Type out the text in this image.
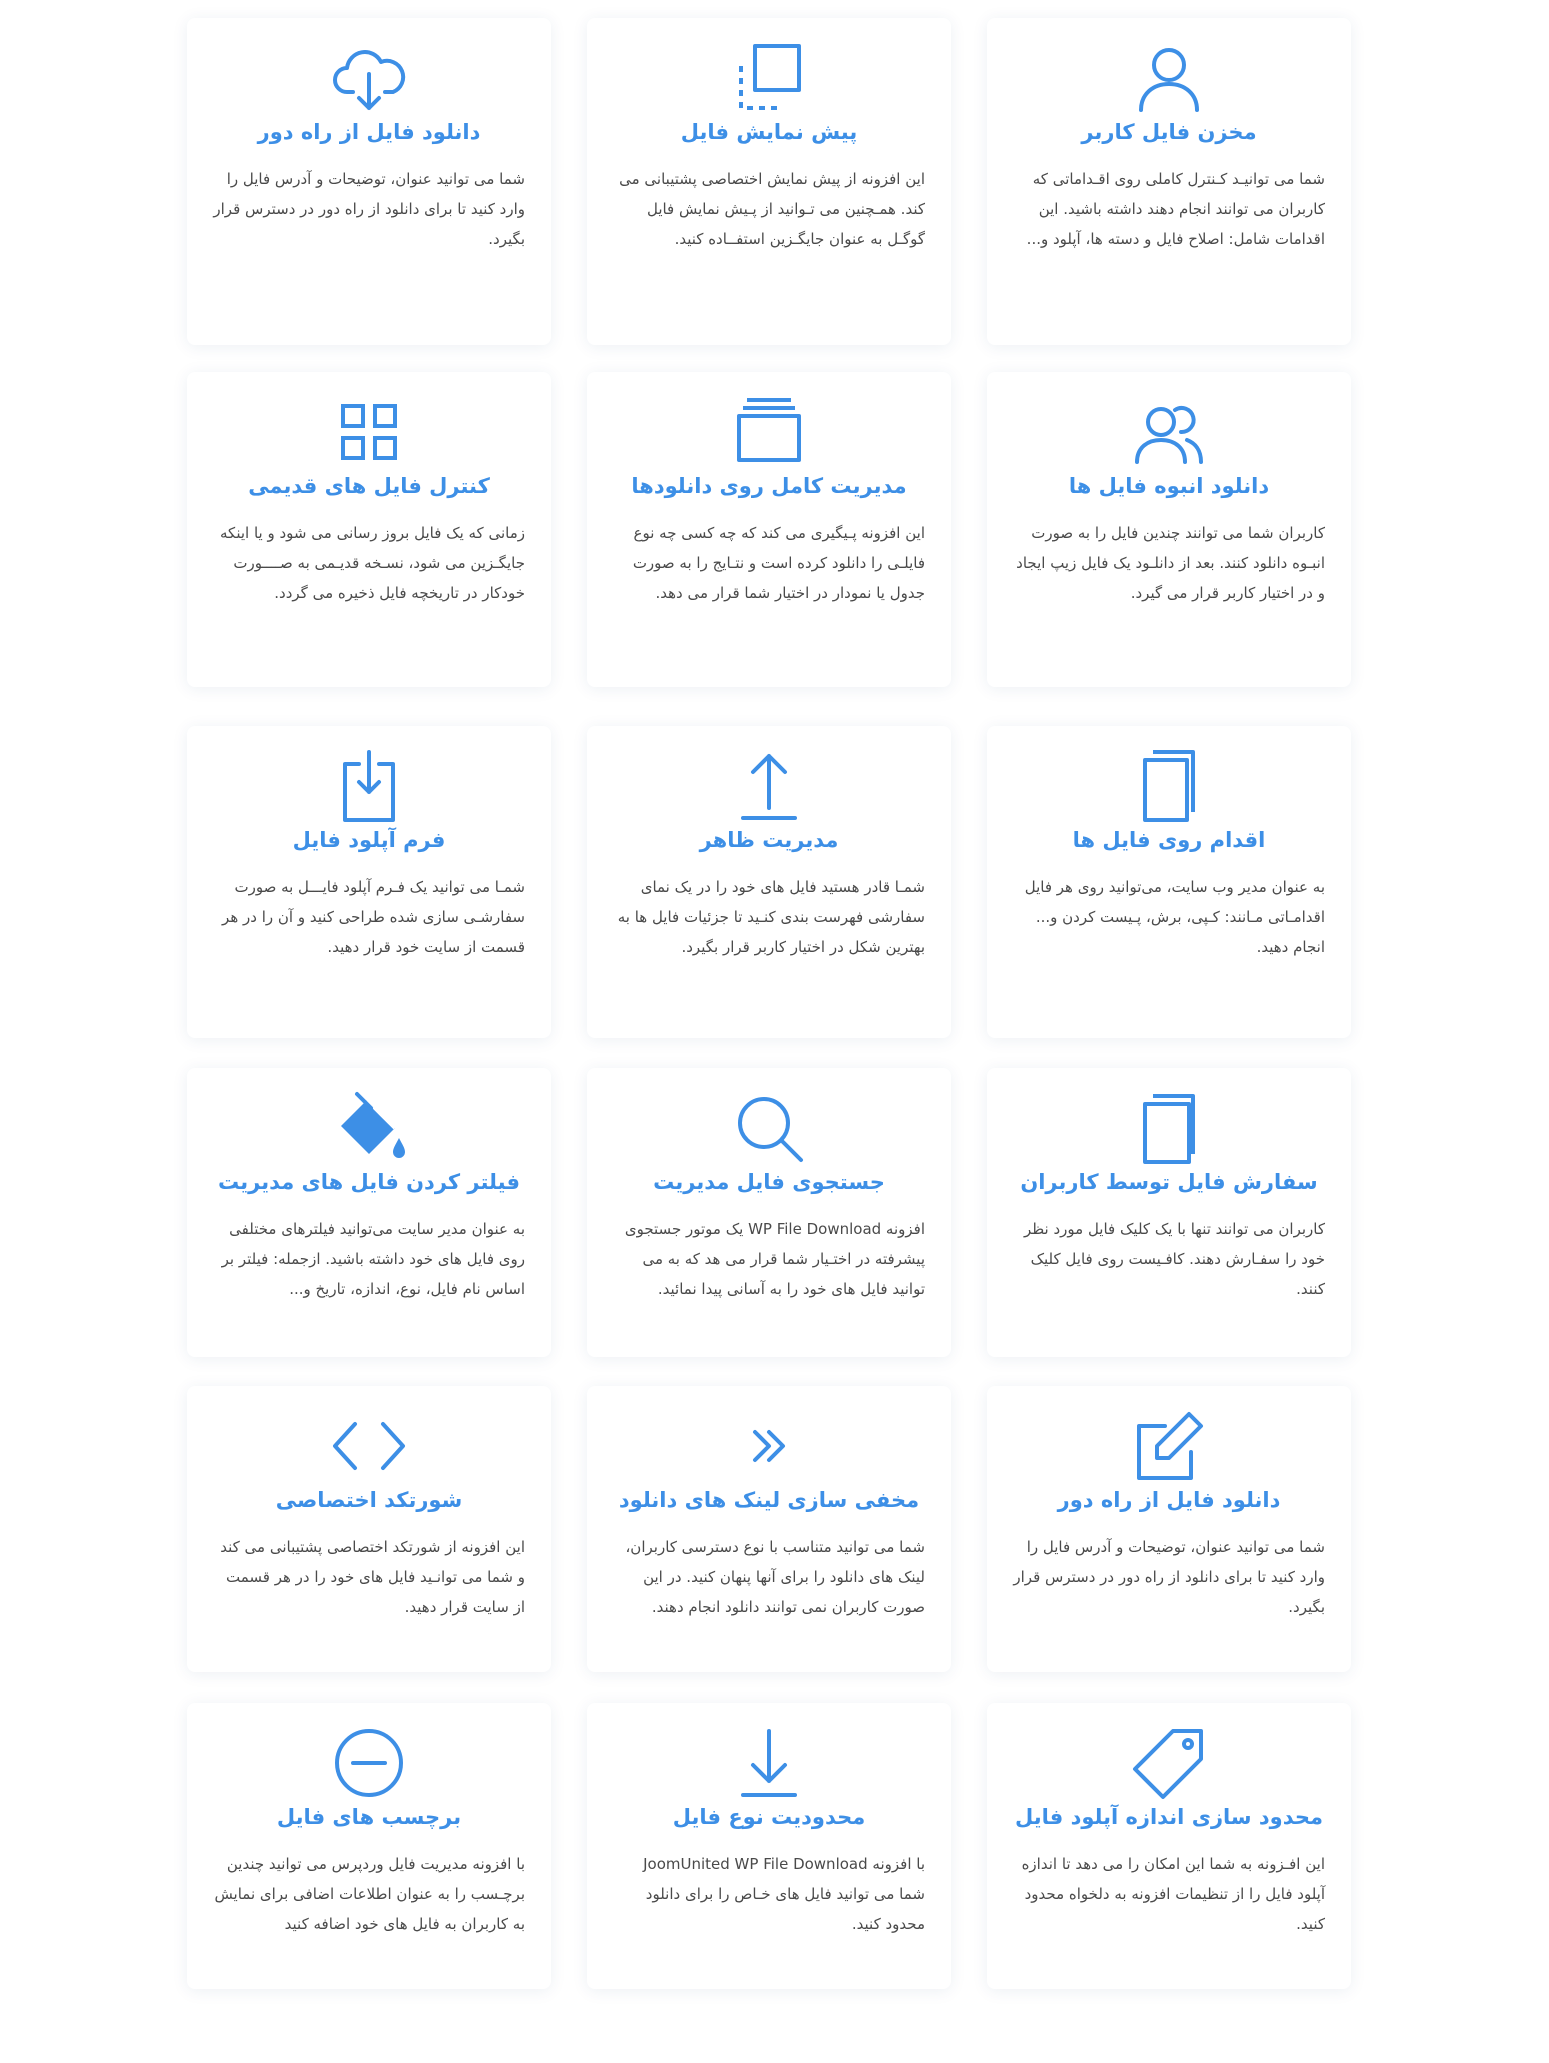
مخزن فایل کاربر
شما می توانیـد کـنترل کاملی روی اقـداماتی که کاربران می توانند انجام دهند داشته باشید. این اقدامات شامل: اصلاح فایل و دسته ها، آپلود و...
پیش نمایش فایل
این افزونه از پیش نمایش اختصاصی پشتیبانی می کند. همـچنین می تـوانید از پـیش نمایش فایل گوگـل به عنوان جایگـزین استفــاده کنید.
دانلود فایل از راه دور
شما می توانید عنوان، توضیحات و آدرس فایل را وارد کنید تا برای دانلود از راه دور در دسترس قرار بگیرد.
دانلود انبوه فایل ها
کاربران شما می توانند چندین فایل را به صورت انبـوه دانلود کنند. بعد از دانلـود یک فایل زیپ ایجاد و در اختیار کاربر قرار می گیرد.
مدیریت کامل روی دانلودها
این افزونه پـیگیری می کند که چه کسی چه نوع فایلـی را دانلود کرده است و نتـایج را به صورت جدول یا نمودار در اختیار شما قرار می دهد.
کنترل فایل های قدیمی
زمانی که یک فایل بروز رسانی می شود و یا اینکه جایگـزین می شود، نسـخه قدیـمی به صــــورت خودکار در تاریخچه فایل ذخیره می گردد.
اقدام روی فایل ها
به عنوان مدیر وب سایت، می‌توانید روی هر فایل اقدامـاتی مـانند: کـپی، برش، پـیست کردن و... انجام دهید.
مدیریت ظاهر
شمـا قادر هستید فایل های خود را در یک نمای سفارشی فهرست بندی کنـید تا جزئیات فایل ها به بهترین شکل در اختیار کاربر قرار بگیرد.
فرم آپلود فایل
شمـا می توانید یک فـرم آپلود فایـــل به صورت سفارشـی سازی شده طراحی کنید و آن را در هر قسمت از سایت خود قرار دهید.
سفارش فایل توسط کاربران
کاربران می توانند تنها با یک کلیک فایل مورد نظر خود را سفـارش دهند. کافـیست روی فایل کلیک کنند.
جستجوی فایل مدیریت
افزونه WP File Download یک موتور جستجوی پیشرفته در اختـیار شما قرار می هد که به می توانید فایل های خود را به آسانی پیدا نمائید.
فیلتر کردن فایل های مدیریت
به عنوان مدیر سایت می‌توانید فیلترهای مختلفی روی فایل های خود داشته باشید. ازجمله: فیلتر بر اساس نام فایل، نوع، اندازه، تاریخ و...
دانلود فایل از راه دور
شما می توانید عنوان، توضیحات و آدرس فایل را وارد کنید تا برای دانلود از راه دور در دسترس قرار بگیرد.
مخفی سازی لینک های دانلود
شما می توانید متناسب با نوع دسترسی کاربران، لینک های دانلود را برای آنها پنهان کنید. در این صورت کاربران نمی توانند دانلود انجام دهند.
شورتکد اختصاصی
این افزونه از شورتکد اختصاصی پشتیبانی می کند و شما می توانـید فایل های خود را در هر قسمت از سایت قرار دهید.
محدود سازی اندازه آپلود فایل
این افـزونه به شما این امکان را می دهد تا اندازه آپلود فایل را از تنظیمات افزونه به دلخواه محدود کنید.
محدودیت نوع فایل
با افزونه JoomUnited WP File Download شما می توانید فایل های خـاص را برای دانلود محدود کنید.
برچسب های فایل
با افزونه مدیریت فایل وردپرس می توانید چندین برچـسب را به عنوان اطلاعات اضافی برای نمایش به کاربران به فایل های خود اضافه کنید
